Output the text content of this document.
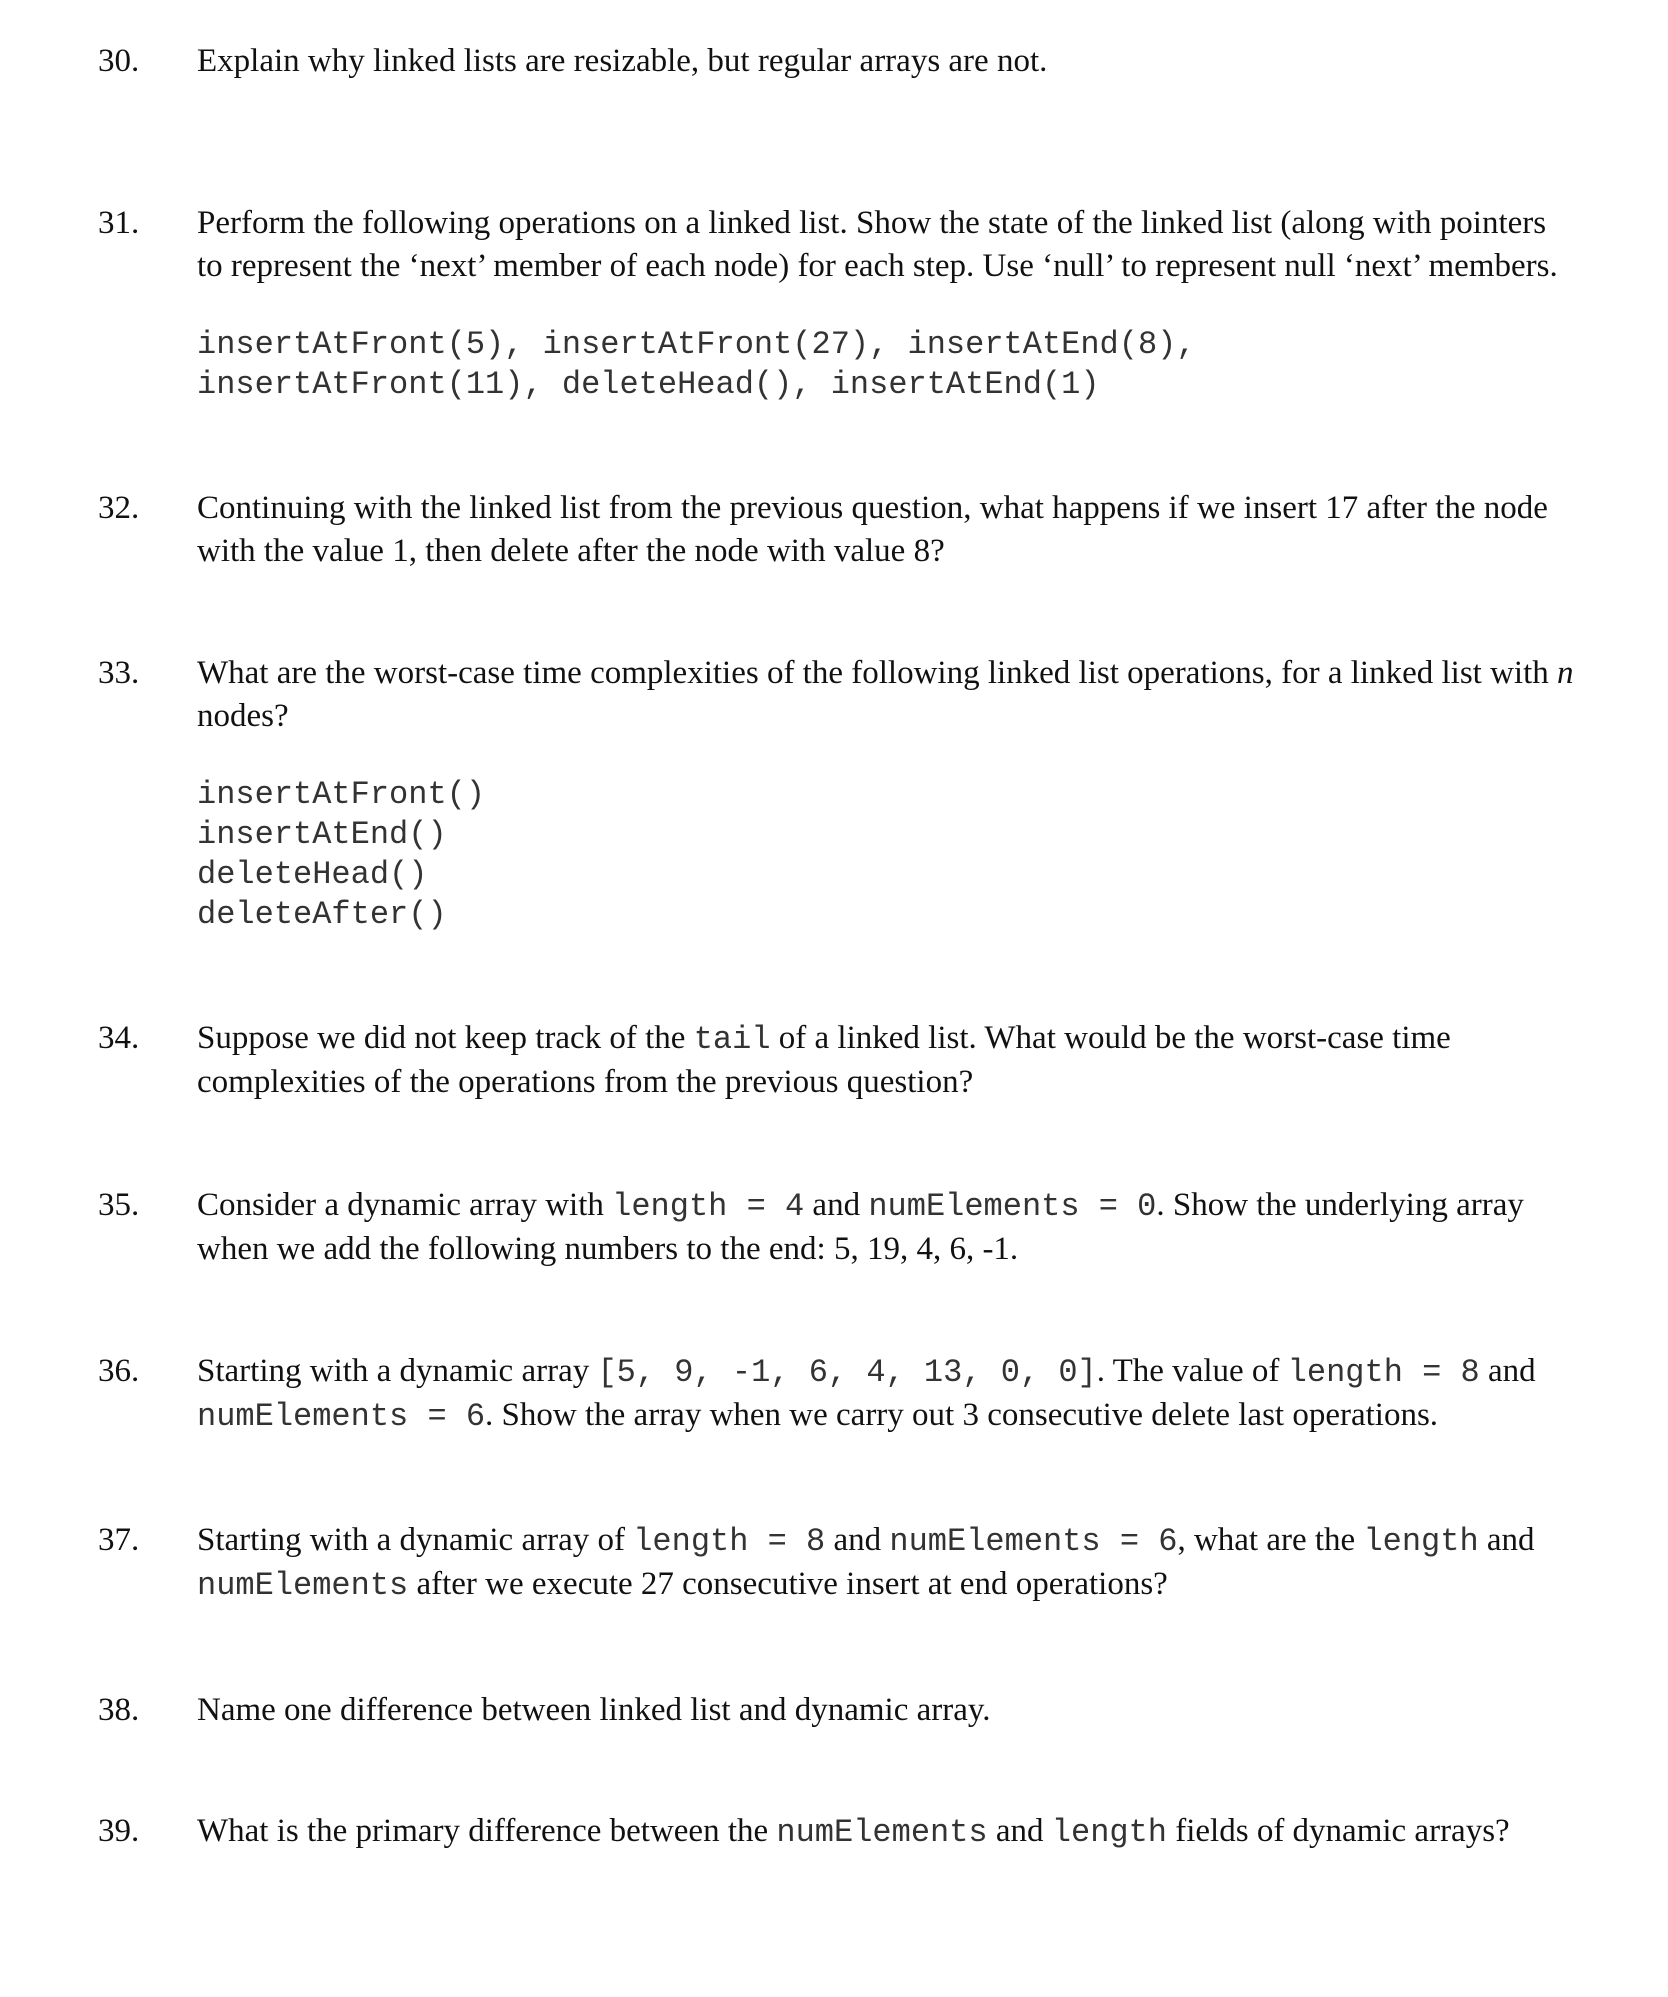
30. Explain why linked lists are resizable, but regular arrays are not.
31. Perform the following operations on a linked list. Show the state of the linked list (along with pointers
to represent the ‘next’ member of each node) for each step. Use ‘null’ to represent null ‘next’ members.
insertAtFront(5), insertAtFront(27), insertAtEnd(8),
insertAtFront(11), deleteHead(), insertAtEnd(1)
32. Continuing with the linked list from the previous question, what happens if we insert 17 after the node
with the value 1, then delete after the node with value 8?
33. What are the worst-case time complexities of the following linked list operations, for a linked list with n
nodes?
insertAtFront()
insertAtEnd()
deleteHead()
deleteAfter()
34. Suppose we did not keep track of the tail of a linked list. What would be the worst-case time
complexities of the operations from the previous question?
35. Consider a dynamic array with length = 4 and numElements = 0. Show the underlying array
when we add the following numbers to the end: 5, 19, 4, 6, -1.
36. Starting with a dynamic array [5, 9, -1, 6, 4, 13, 0, 0]. The value of length = 8 and
numElements = 6. Show the array when we carry out 3 consecutive delete last operations.
37. Starting with a dynamic array of length = 8 and numElements = 6, what are the length and
numElements after we execute 27 consecutive insert at end operations?
38. Name one difference between linked list and dynamic array.
39. What is the primary difference between the numElements and length fields of dynamic arrays?
